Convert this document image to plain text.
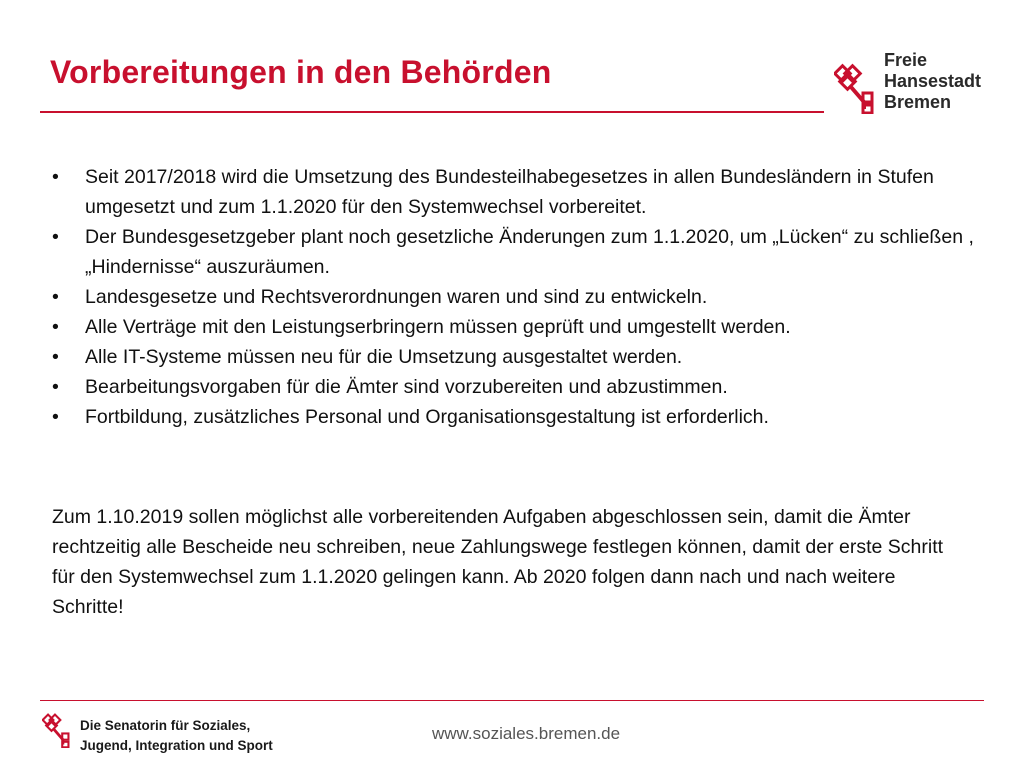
Vorbereitungen in den Behörden	Freie
Hansestadt
Bremen
•	Seit 2017/2018 wird die Umsetzung des Bundesteilhabegesetzes in allen Bundesländern in Stufen umgesetzt und zum 1.1.2020 für den Systemwechsel vorbereitet.
•	Der Bundesgesetzgeber plant noch gesetzliche Änderungen zum 1.1.2020, um „Lücken“ zu schließen , „Hindernisse“ auszuräumen.
•	Landesgesetze und Rechtsverordnungen waren und sind zu entwickeln.
•	Alle Verträge mit den Leistungserbringern müssen geprüft und umgestellt werden.
•	Alle IT-Systeme müssen neu für die Umsetzung ausgestaltet werden.
•	Bearbeitungsvorgaben für die Ämter sind vorzubereiten und abzustimmen.
•	Fortbildung, zusätzliches Personal und Organisationsgestaltung ist erforderlich.

Zum 1.10.2019 sollen möglichst alle vorbereitenden Aufgaben abgeschlossen sein, damit die Ämter rechtzeitig alle Bescheide neu schreiben, neue Zahlungswege festlegen können, damit der erste Schritt für den Systemwechsel zum 1.1.2020 gelingen kann. Ab 2020 folgen dann nach und nach weitere Schritte!

Die Senatorin für Soziales,
Jugend, Integration und Sport
www.soziales.bremen.de
